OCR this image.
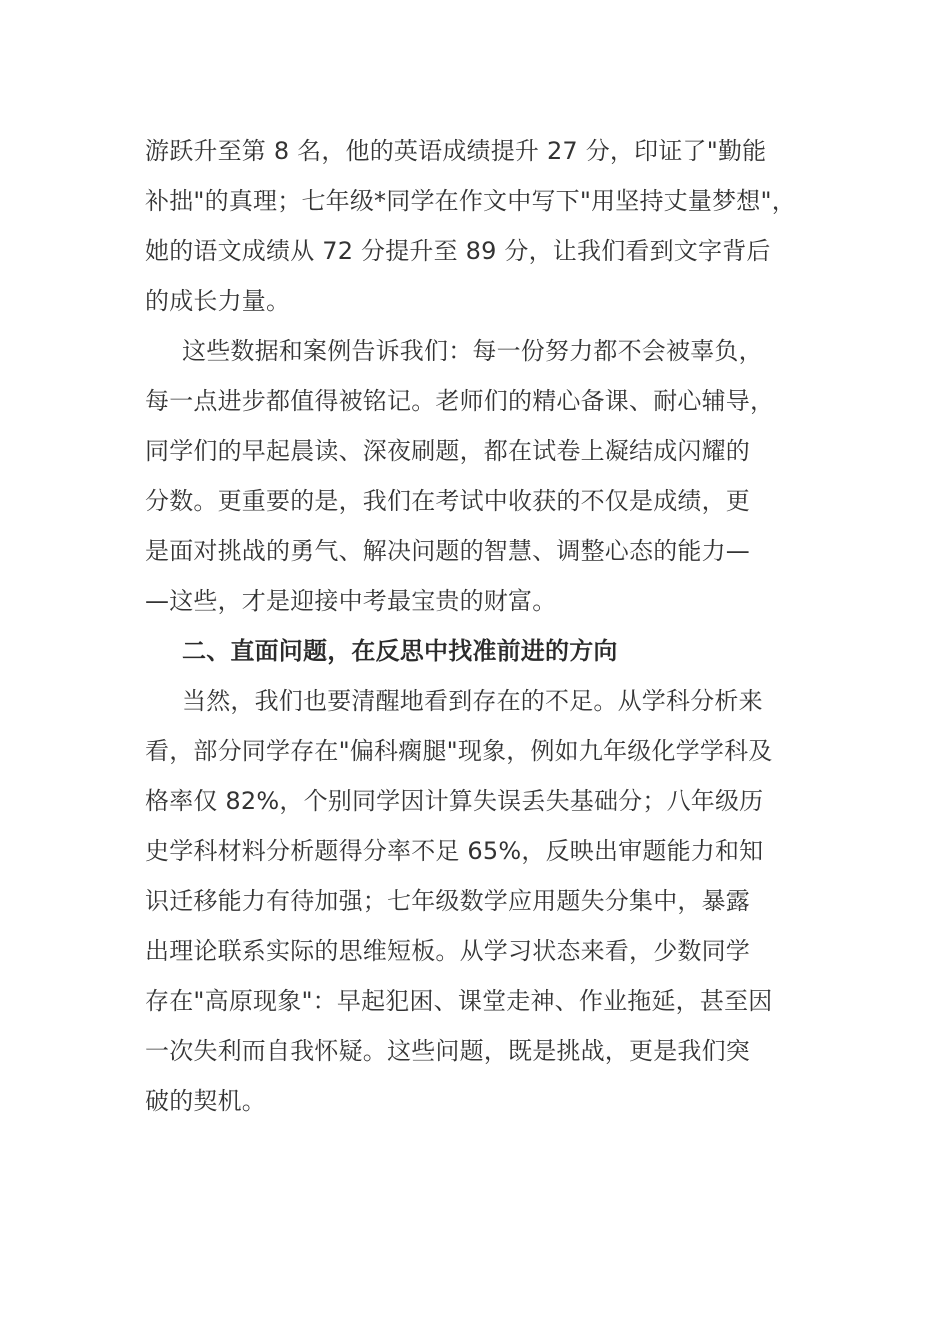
游跃升至第 8 名，他的英语成绩提升 27 分，印证了"勤能
补拙"的真理；七年级*同学在作文中写下"用坚持丈量梦想"，
她的语文成绩从 72 分提升至 89 分，让我们看到文字背后
的成长力量。
这些数据和案例告诉我们：每一份努力都不会被辜负，
每一点进步都值得被铭记。老师们的精心备课、耐心辅导，
同学们的早起晨读、深夜刷题，都在试卷上凝结成闪耀的
分数。更重要的是，我们在考试中收获的不仅是成绩，更
是面对挑战的勇气、解决问题的智慧、调整心态的能力—
—这些，才是迎接中考最宝贵的财富。
二、直面问题，在反思中找准前进的方向
当然，我们也要清醒地看到存在的不足。从学科分析来
看，部分同学存在"偏科瘸腿"现象，例如九年级化学学科及
格率仅 82%，个别同学因计算失误丢失基础分；八年级历
史学科材料分析题得分率不足 65%，反映出审题能力和知
识迁移能力有待加强；七年级数学应用题失分集中，暴露
出理论联系实际的思维短板。从学习状态来看，少数同学
存在"高原现象"：早起犯困、课堂走神、作业拖延，甚至因
一次失利而自我怀疑。这些问题，既是挑战，更是我们突
破的契机。
